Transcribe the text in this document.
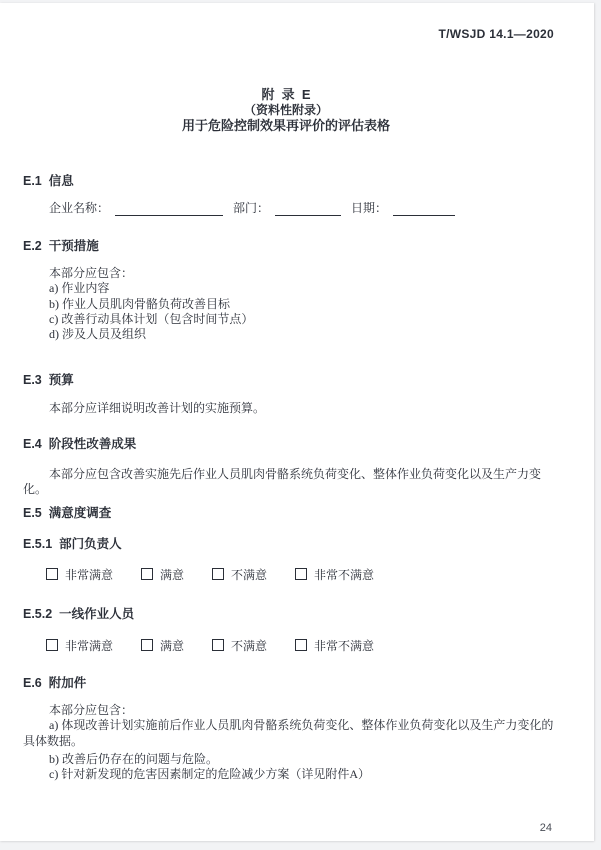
T/WSJD 14.1—2020
附  录  E
（资料性附录）
用于危险控制效果再评价的评估表格
E.1  信息
企业名称：	部门：	日期：
E.2  干预措施

本部分应包含：

a) 作业内容

b) 作业人员肌肉骨骼负荷改善目标

c) 改善行动具体计划（包含时间节点）

d) 涉及人员及组织

E.3  预算

本部分应详细说明改善计划的实施预算。

E.4  阶段性改善成果

本部分应包含改善实施先后作业人员肌肉骨骼系统负荷变化、整体作业负荷变化以及生产力变化。

E.5  满意度调查
E.5.1  部门负责人
非常满意	满意	不满意	非常不满意
E.5.2  一线作业人员
非常满意	满意	不满意	非常不满意
E.6  附加件

本部分应包含：

a) 体现改善计划实施前后作业人员肌肉骨骼系统负荷变化、整体作业负荷变化以及生产力变化的具体数据。

b) 改善后仍存在的问题与危险。

c) 针对新发现的危害因素制定的危险减少方案（详见附件A）

24
